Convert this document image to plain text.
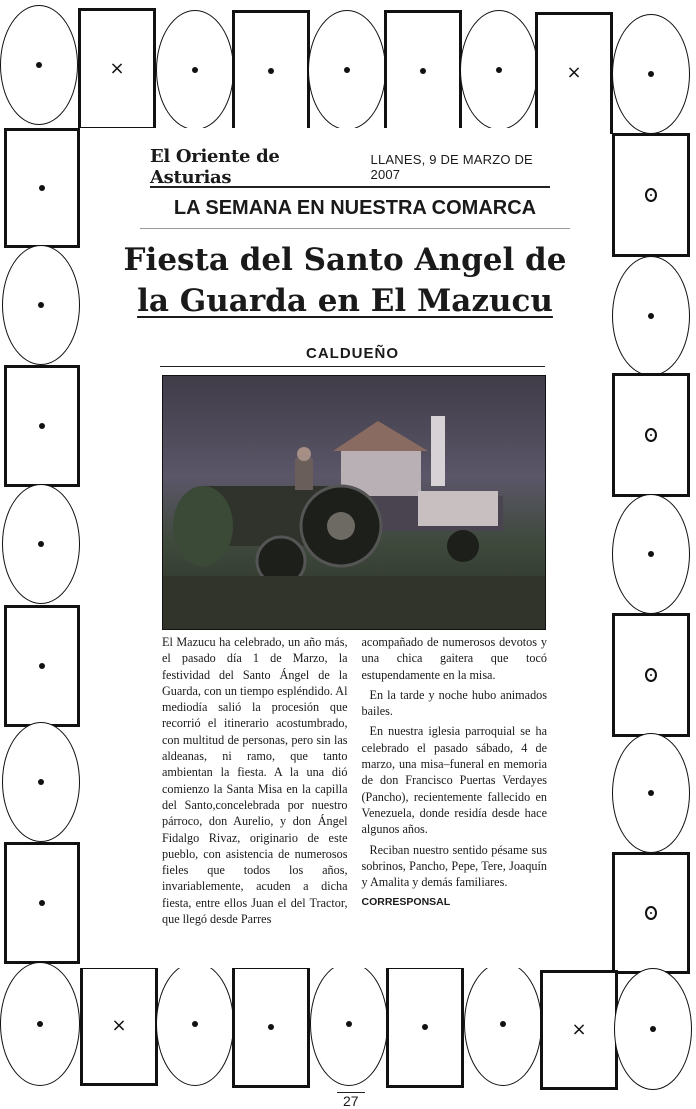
×	×
×	×
El Oriente de Asturias
LLANES, 9 DE MARZO DE 2007
LA SEMANA EN NUESTRA COMARCA
Fiesta del Santo Angel de
la Guarda en El Mazucu
CALDUEÑO

El Mazucu ha celebrado, un año más, el pasado día 1 de Marzo, la festividad del Santo Ángel de la Guarda, con un tiempo espléndido. Al mediodía salió la procesión que recorrió el itinerario acostumbrado, con multitud de personas, pero sin las aldeanas, ni ramo, que tanto ambientan la fiesta. A la una dió comienzo la Santa Misa en la capilla del Santo,concelebrada por nuestro párroco, don Aurelio, y don Ángel Fidalgo Rivaz, originario de este pueblo, con asistencia de numerosos fieles que todos los años, invariablemente, acuden a dicha fiesta, entre ellos Juan el del Tractor, que llegó desde Parres

acompañado de numerosos devotos y una chica gaitera que tocó estupendamente en la misa.

En la tarde y noche hubo animados bailes.

En nuestra iglesia parroquial se ha celebrado el pasado sábado, 4 de marzo, una misa–funeral en memoria de don Francisco Puertas Verdayes (Pancho), recientemente fallecido en Venezuela, donde residía desde hace algunos años.

Reciban nuestro sentido pésame sus sobrinos, Pancho, Pepe, Tere, Joaquín y Amalita y demás familiares.

CORRESPONSAL
27
